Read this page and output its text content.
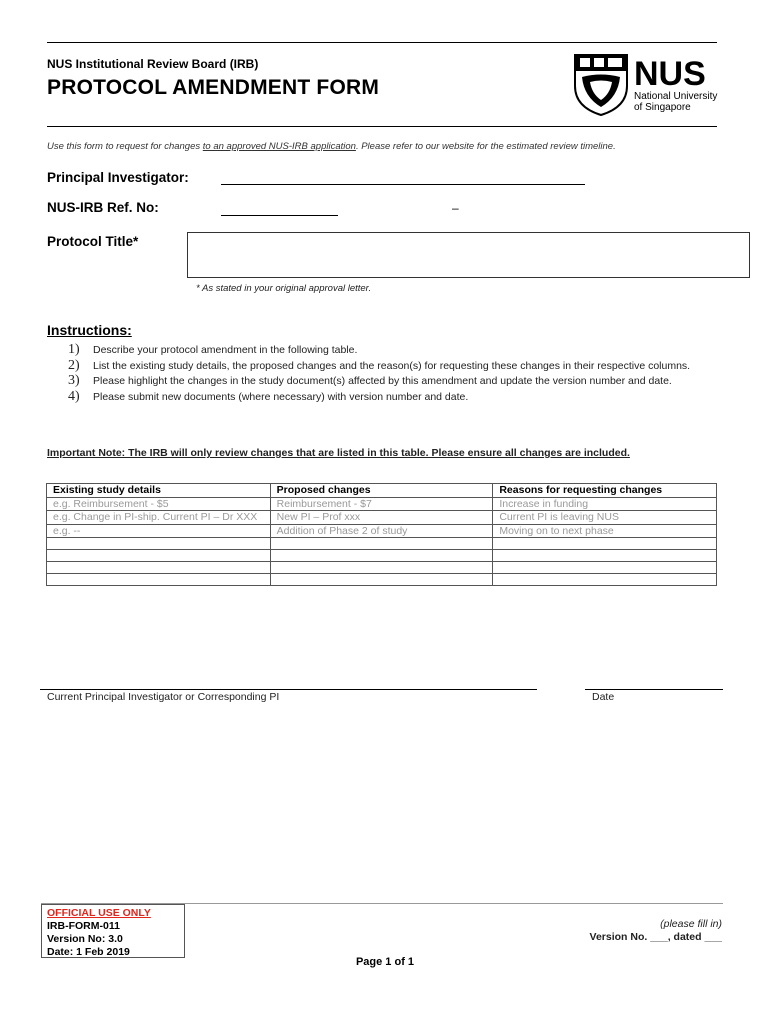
NUS Institutional Review Board (IRB)
PROTOCOL AMENDMENT FORM	NUS
National University
of Singapore
Use this form to request for changes to an approved NUS-IRB application. Please refer to our website for the estimated review timeline.
Principal Investigator:
NUS-IRB Ref. No:	–
Protocol Title*
* As stated in your original approval letter.
Instructions:
1)	Describe your protocol amendment in the following table.
2)	List the existing study details, the proposed changes and the reason(s) for requesting these changes in their respective columns.
3)	Please highlight the changes in the study document(s) affected by this amendment and update the version number and date.
4)	Please submit new documents (where necessary) with version number and date.
Important Note: The IRB will only review changes that are listed in this table. Please ensure all changes are included.
Existing study details	Proposed changes	Reasons for requesting changes
e.g. Reimbursement - $5	Reimbursement - $7	Increase in funding
e.g. Change in PI-ship. Current PI – Dr XXX	New PI – Prof xxx	Current PI is leaving NUS
e.g. --	Addition of Phase 2 of study	Moving on to next phase

Current Principal Investigator or Corresponding PI	Date
OFFICIAL USE ONLY
IRB-FORM-011
Version No: 3.0
Date: 1 Feb 2019
(please fill in)
Version No. ___, dated ___
Page 1 of 1
